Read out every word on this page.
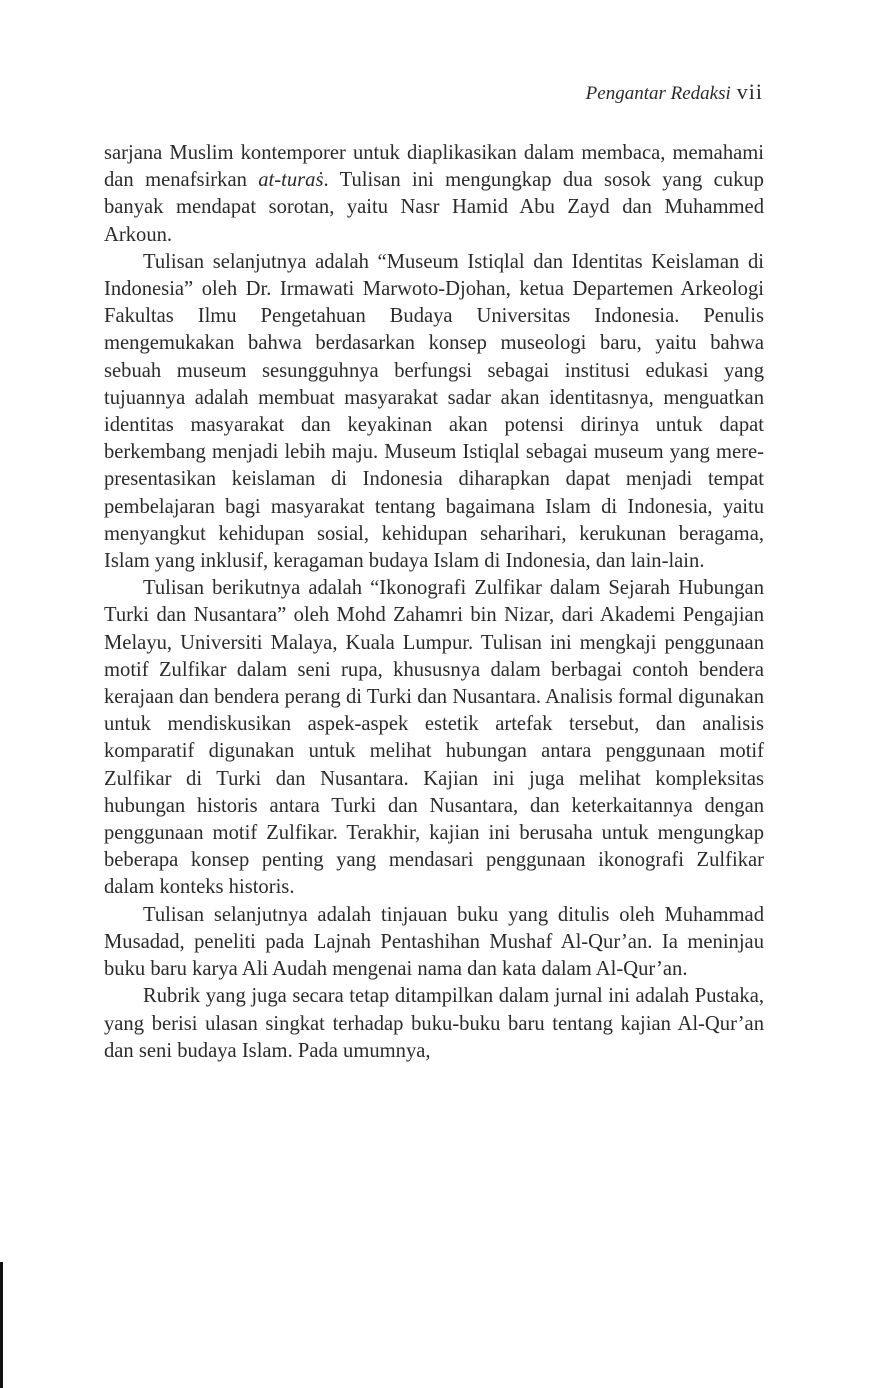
Pengantar Redaksi vii

sarjana Muslim kontemporer untuk diaplikasikan dalam membaca, memahami dan menafsirkan at-turaṡ. Tulisan ini mengungkap dua sosok yang cukup banyak mendapat sorotan, yaitu Nasr Hamid Abu Zayd dan Muhammed Arkoun.

Tulisan selanjutnya adalah “Museum Istiqlal dan Identitas Keislaman di Indonesia” oleh Dr. Irmawati Marwoto-Djohan, ketua Departemen Arkeologi Fakultas Ilmu Pengetahuan Budaya Universitas Indonesia. Penulis mengemukakan bahwa berdasarkan konsep museologi baru, yaitu bahwa sebuah museum sesungguhnya berfungsi sebagai institusi edukasi yang tujuannya adalah membuat masyarakat sadar akan identitasnya, menguatkan identitas masyarakat dan keyakinan akan potensi dirinya untuk dapat berkembang menjadi lebih maju. Museum Istiqlal sebagai museum yang merepresentasikan keislaman di Indonesia diharapkan dapat menjadi tempat pembelajaran bagi masyarakat tentang bagaimana Islam di Indonesia, yaitu menyangkut kehidupan sosial, kehidupan seharihari, kerukunan beragama, Islam yang inklusif, keragaman budaya Islam di Indonesia, dan lain-lain.

Tulisan berikutnya adalah “Ikonografi Zulfikar dalam Sejarah Hubungan Turki dan Nusantara” oleh Mohd Zahamri bin Nizar, dari Akademi Pengajian Melayu, Universiti Malaya, Kuala Lumpur. Tulisan ini mengkaji penggunaan motif Zulfikar dalam seni rupa, khususnya dalam berbagai contoh bendera kerajaan dan bendera perang di Turki dan Nusantara. Analisis formal digunakan untuk mendiskusikan aspek-aspek estetik artefak tersebut, dan analisis komparatif digunakan untuk melihat hubungan antara penggunaan motif Zulfikar di Turki dan Nusantara. Kajian ini juga melihat kompleksitas hubungan historis antara Turki dan Nusantara, dan keterkaitannya dengan penggunaan motif Zulfikar. Terakhir, kajian ini berusaha untuk mengungkap beberapa konsep penting yang mendasari penggunaan ikonografi Zulfikar dalam konteks historis.

Tulisan selanjutnya adalah tinjauan buku yang ditulis oleh Muhammad Musadad, peneliti pada Lajnah Pentashihan Mushaf Al-Qur’an. Ia meninjau buku baru karya Ali Audah mengenai nama dan kata dalam Al-Qur’an.

Rubrik yang juga secara tetap ditampilkan dalam jurnal ini adalah Pustaka, yang berisi ulasan singkat terhadap buku-buku baru tentang kajian Al-Qur’an dan seni budaya Islam. Pada umumnya,
